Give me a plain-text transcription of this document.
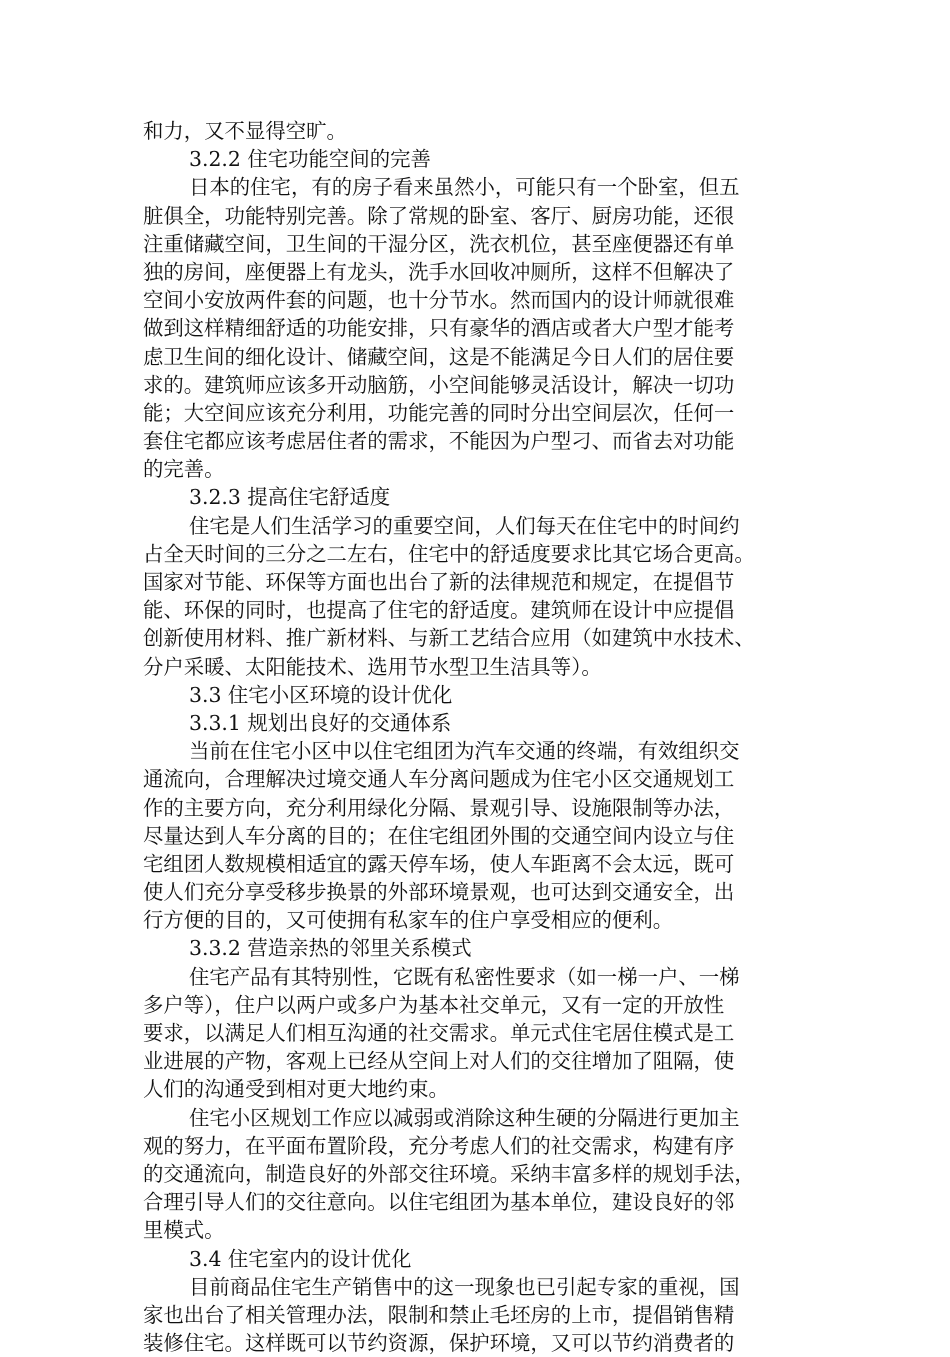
和力，又不显得空旷。
3.2.2 住宅功能空间的完善
日本的住宅，有的房子看来虽然小，可能只有一个卧室，但五
脏俱全，功能特别完善。除了常规的卧室、客厅、厨房功能，还很
注重储藏空间，卫生间的干湿分区，洗衣机位，甚至座便器还有单
独的房间，座便器上有龙头，洗手水回收冲厕所，这样不但解决了
空间小安放两件套的问题，也十分节水。然而国内的设计师就很难
做到这样精细舒适的功能安排，只有豪华的酒店或者大户型才能考
虑卫生间的细化设计、储藏空间，这是不能满足今日人们的居住要
求的。建筑师应该多开动脑筋，小空间能够灵活设计，解决一切功
能；大空间应该充分利用，功能完善的同时分出空间层次，任何一
套住宅都应该考虑居住者的需求，不能因为户型刁、而省去对功能
的完善。
3.2.3 提高住宅舒适度
住宅是人们生活学习的重要空间，人们每天在住宅中的时间约
占全天时间的三分之二左右，住宅中的舒适度要求比其它场合更高。
国家对节能、环保等方面也出台了新的法律规范和规定，在提倡节
能、环保的同时，也提高了住宅的舒适度。建筑师在设计中应提倡
创新使用材料、推广新材料、与新工艺结合应用（如建筑中水技术、
分户采暖、太阳能技术、选用节水型卫生洁具等）。
3.3 住宅小区环境的设计优化
3.3.1 规划出良好的交通体系
当前在住宅小区中以住宅组团为汽车交通的终端，有效组织交
通流向，合理解决过境交通人车分离问题成为住宅小区交通规划工
作的主要方向，充分利用绿化分隔、景观引导、设施限制等办法，
尽量达到人车分离的目的；在住宅组团外围的交通空间内设立与住
宅组团人数规模相适宜的露天停车场，使人车距离不会太远，既可
使人们充分享受移步换景的外部环境景观，也可达到交通安全，出
行方便的目的，又可使拥有私家车的住户享受相应的便利。
3.3.2 营造亲热的邻里关系模式
住宅产品有其特别性，它既有私密性要求（如一梯一户、一梯
多户等），住户以两户或多户为基本社交单元，又有一定的开放性
要求，以满足人们相互沟通的社交需求。单元式住宅居住模式是工
业进展的产物，客观上已经从空间上对人们的交往增加了阻隔，使
人们的沟通受到相对更大地约束。
住宅小区规划工作应以减弱或消除这种生硬的分隔进行更加主
观的努力，在平面布置阶段，充分考虑人们的社交需求，构建有序
的交通流向，制造良好的外部交往环境。采纳丰富多样的规划手法，
合理引导人们的交往意向。以住宅组团为基本单位，建设良好的邻
里模式。
3.4 住宅室内的设计优化
目前商品住宅生产销售中的这一现象也已引起专家的重视，国
家也出台了相关管理办法，限制和禁止毛坯房的上市，提倡销售精
装修住宅。这样既可以节约资源，保护环境，又可以节约消费者的
